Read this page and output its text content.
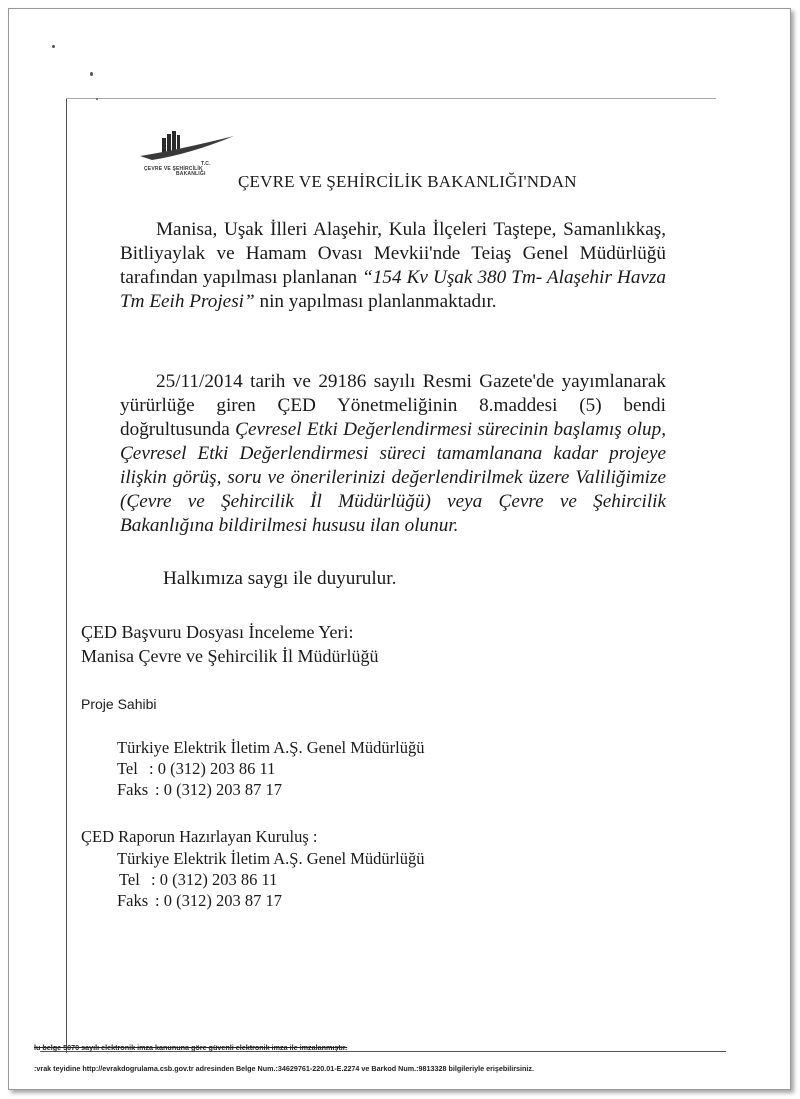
T.C.
ÇEVRE VE ŞEHİRCİLİK
BAKANLIĞI ÇEVRE VE ŞEHİRCİLİK BAKANLIĞI'NDAN

Manisa, Uşak İlleri Alaşehir, Kula İlçeleri Taştepe, Samanlıkkaş, Bitliyaylak ve Hamam Ovası Mevkii'nde Teiaş Genel Müdürlüğü tarafından yapılması planlanan “154 Kv Uşak 380 Tm- Alaşehir Havza Tm Eeih Projesi” nin yapılması planlanmaktadır.

25/11/2014 tarih ve 29186 sayılı Resmi Gazete'de yayımlanarak yürürlüğe giren ÇED Yönetmeliğinin 8.maddesi (5) bendi doğrultusunda Çevresel Etki Değerlendirmesi sürecinin başlamış olup, Çevresel Etki Değerlendirmesi süreci tamamlanana kadar projeye ilişkin görüş, soru ve önerilerinizi değerlendirilmek üzere Valiliğimize (Çevre ve Şehircilik İl Müdürlüğü) veya Çevre ve Şehircilik Bakanlığına bildirilmesi hususu ilan olunur.

Halkımıza saygı ile duyurulur.
ÇED Başvuru Dosyası İnceleme Yeri:
Manisa Çevre ve Şehircilik İl Müdürlüğü
Proje Sahibi
Türkiye Elektrik İletim A.Ş. Genel Müdürlüğü
Tel : 0 (312) 203 86 11
Faks : 0 (312) 203 87 17
ÇED Raporun Hazırlayan Kuruluş :
Türkiye Elektrik İletim A.Ş. Genel Müdürlüğü
Tel : 0 (312) 203 86 11
Faks : 0 (312) 203 87 17
lu belge 5070 sayılı elektronik imza kanununa göre güvenli elektronik imza ile imzalanmıştır.
:vrak teyidine http://evrakdogrulama.csb.gov.tr adresinden Belge Num.:34629761-220.01-E.2274 ve Barkod Num.:9813328 bilgileriyle erişebilirsiniz.
